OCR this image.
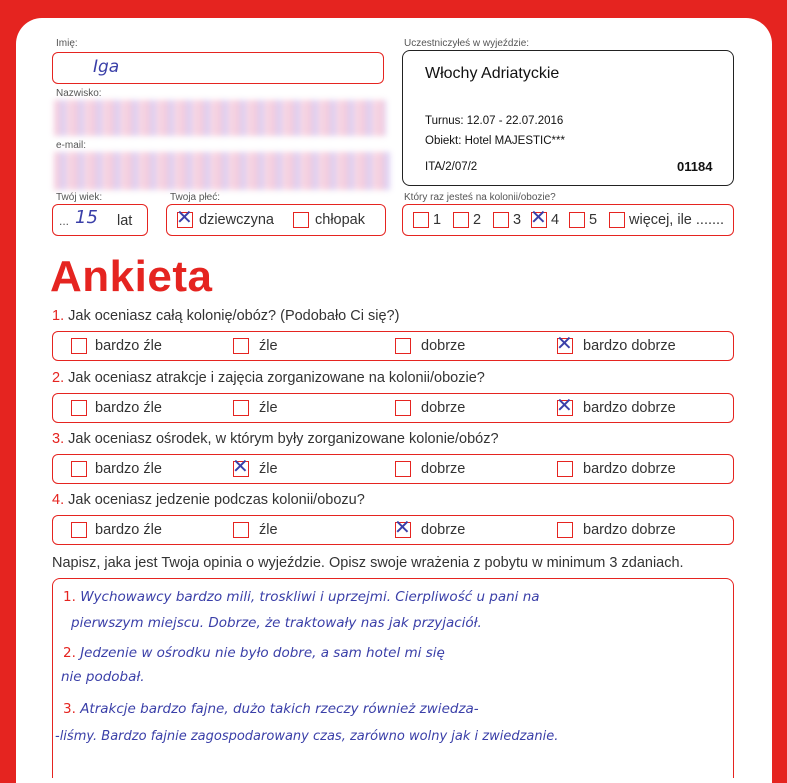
Imię:
Iga
Nazwisko:
e-mail:
Twój wiek:
... 15 lat
Twoja płeć:
✕ dziewczyna	chłopak
Uczestniczyłeś w wyjeździe:
Włochy Adriatyckie
Turnus: 12.07 - 22.07.2016
Obiekt: Hotel MAJESTIC***
ITA/2/07/2	01184
Który raz jesteś na kolonii/obozie?
1 2 3 ✕ 4 5 więcej, ile .......
Ankieta
1. Jak oceniasz całą kolonię/obóz? (Podobało Ci się?)
bardzo źle	źle	dobrze	✕ bardzo dobrze
2. Jak oceniasz atrakcje i zajęcia zorganizowane na kolonii/obozie?
bardzo źle	źle	dobrze	✕ bardzo dobrze
3. Jak oceniasz ośrodek, w którym były zorganizowane kolonie/obóz?
bardzo źle	✕ źle	dobrze	bardzo dobrze
4. Jak oceniasz jedzenie podczas kolonii/obozu?
bardzo źle	źle	✕ dobrze	bardzo dobrze
Napisz, jaka jest Twoja opinia o wyjeździe. Opisz swoje wrażenia z pobytu w minimum 3 zdaniach.
1. Wychowawcy bardzo mili, troskliwi i uprzejmi. Cierpliwość u pani na
pierwszym miejscu. Dobrze, że traktowały nas jak przyjaciół.
2. Jedzenie w ośrodku nie było dobre, a sam hotel mi się
nie podobał.
3. Atrakcje bardzo fajne, dużo takich rzeczy również zwiedza-
-liśmy. Bardzo fajnie zagospodarowany czas, zarówno wolny jak i zwiedzanie.
